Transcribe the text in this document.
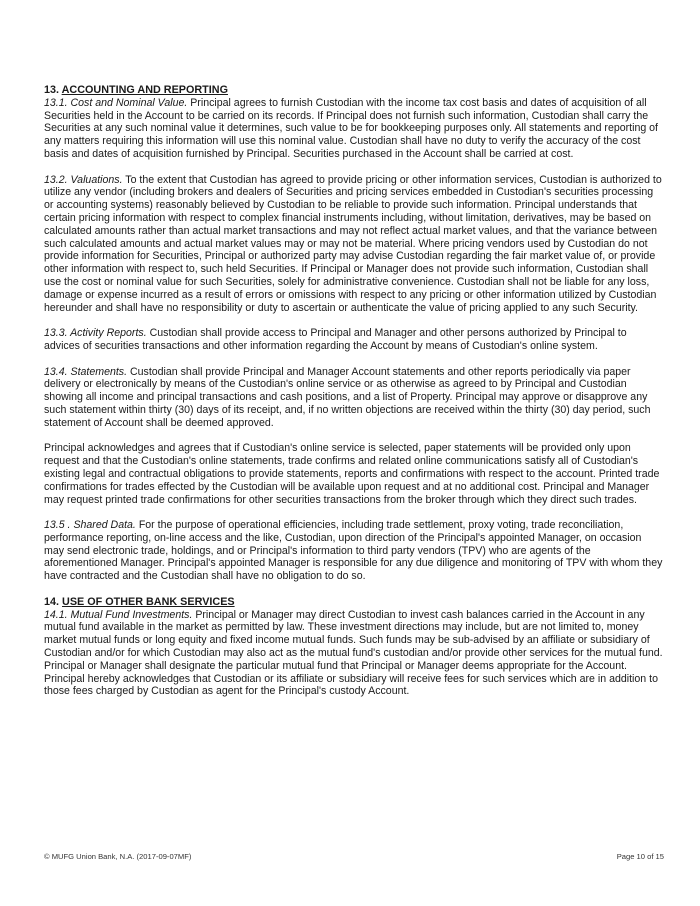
13. ACCOUNTING AND REPORTING

13.1. Cost and Nominal Value. Principal agrees to furnish Custodian with the income tax cost basis and dates of acquisition of all Securities held in the Account to be carried on its records. If Principal does not furnish such information, Custodian shall carry the Securities at any such nominal value it determines, such value to be for bookkeeping purposes only. All statements and reporting of any matters requiring this information will use this nominal value. Custodian shall have no duty to verify the accuracy of the cost basis and dates of acquisition furnished by Principal. Securities purchased in the Account shall be carried at cost.

13.2. Valuations. To the extent that Custodian has agreed to provide pricing or other information services, Custodian is authorized to utilize any vendor (including brokers and dealers of Securities and pricing services embedded in Custodian's securities processing or accounting systems) reasonably believed by Custodian to be reliable to provide such information. Principal understands that certain pricing information with respect to complex financial instruments including, without limitation, derivatives, may be based on calculated amounts rather than actual market transactions and may not reflect actual market values, and that the variance between such calculated amounts and actual market values may or may not be material. Where pricing vendors used by Custodian do not provide information for Securities, Principal or authorized party may advise Custodian regarding the fair market value of, or provide other information with respect to, such held Securities. If Principal or Manager does not provide such information, Custodian shall use the cost or nominal value for such Securities, solely for administrative convenience. Custodian shall not be liable for any loss, damage or expense incurred as a result of errors or omissions with respect to any pricing or other information utilized by Custodian hereunder and shall have no responsibility or duty to ascertain or authenticate the value of pricing applied to any such Security.

13.3. Activity Reports. Custodian shall provide access to Principal and Manager and other persons authorized by Principal to advices of securities transactions and other information regarding the Account by means of Custodian's online system.

13.4. Statements. Custodian shall provide Principal and Manager Account statements and other reports periodically via paper delivery or electronically by means of the Custodian's online service or as otherwise as agreed to by Principal and Custodian showing all income and principal transactions and cash positions, and a list of Property. Principal may approve or disapprove any such statement within thirty (30) days of its receipt, and, if no written objections are received within the thirty (30) day period, such statement of Account shall be deemed approved.

Principal acknowledges and agrees that if Custodian's online service is selected, paper statements will be provided only upon request and that the Custodian's online statements, trade confirms and related online communications satisfy all of Custodian's existing legal and contractual obligations to provide statements, reports and confirmations with respect to the account. Printed trade confirmations for trades effected by the Custodian will be available upon request and at no additional cost. Principal and Manager may request printed trade confirmations for other securities transactions from the broker through which they direct such trades.

13.5 . Shared Data. For the purpose of operational efficiencies, including trade settlement, proxy voting, trade reconciliation, performance reporting, on-line access and the like, Custodian, upon direction of the Principal's appointed Manager, on occasion may send electronic trade, holdings, and or Principal's information to third party vendors (TPV) who are agents of the aforementioned Manager. Principal's appointed Manager is responsible for any due diligence and monitoring of TPV with whom they have contracted and the Custodian shall have no obligation to do so.

14. USE OF OTHER BANK SERVICES

14.1. Mutual Fund Investments. Principal or Manager may direct Custodian to invest cash balances carried in the Account in any mutual fund available in the market as permitted by law. These investment directions may include, but are not limited to, money market mutual funds or long equity and fixed income mutual funds. Such funds may be sub-advised by an affiliate or subsidiary of Custodian and/or for which Custodian may also act as the mutual fund's custodian and/or provide other services for the mutual fund. Principal or Manager shall designate the particular mutual fund that Principal or Manager deems appropriate for the Account. Principal hereby acknowledges that Custodian or its affiliate or subsidiary will receive fees for such services which are in addition to those fees charged by Custodian as agent for the Principal's custody Account.

© MUFG Union Bank, N.A. (2017-09-07MF)	Page 10 of 15
